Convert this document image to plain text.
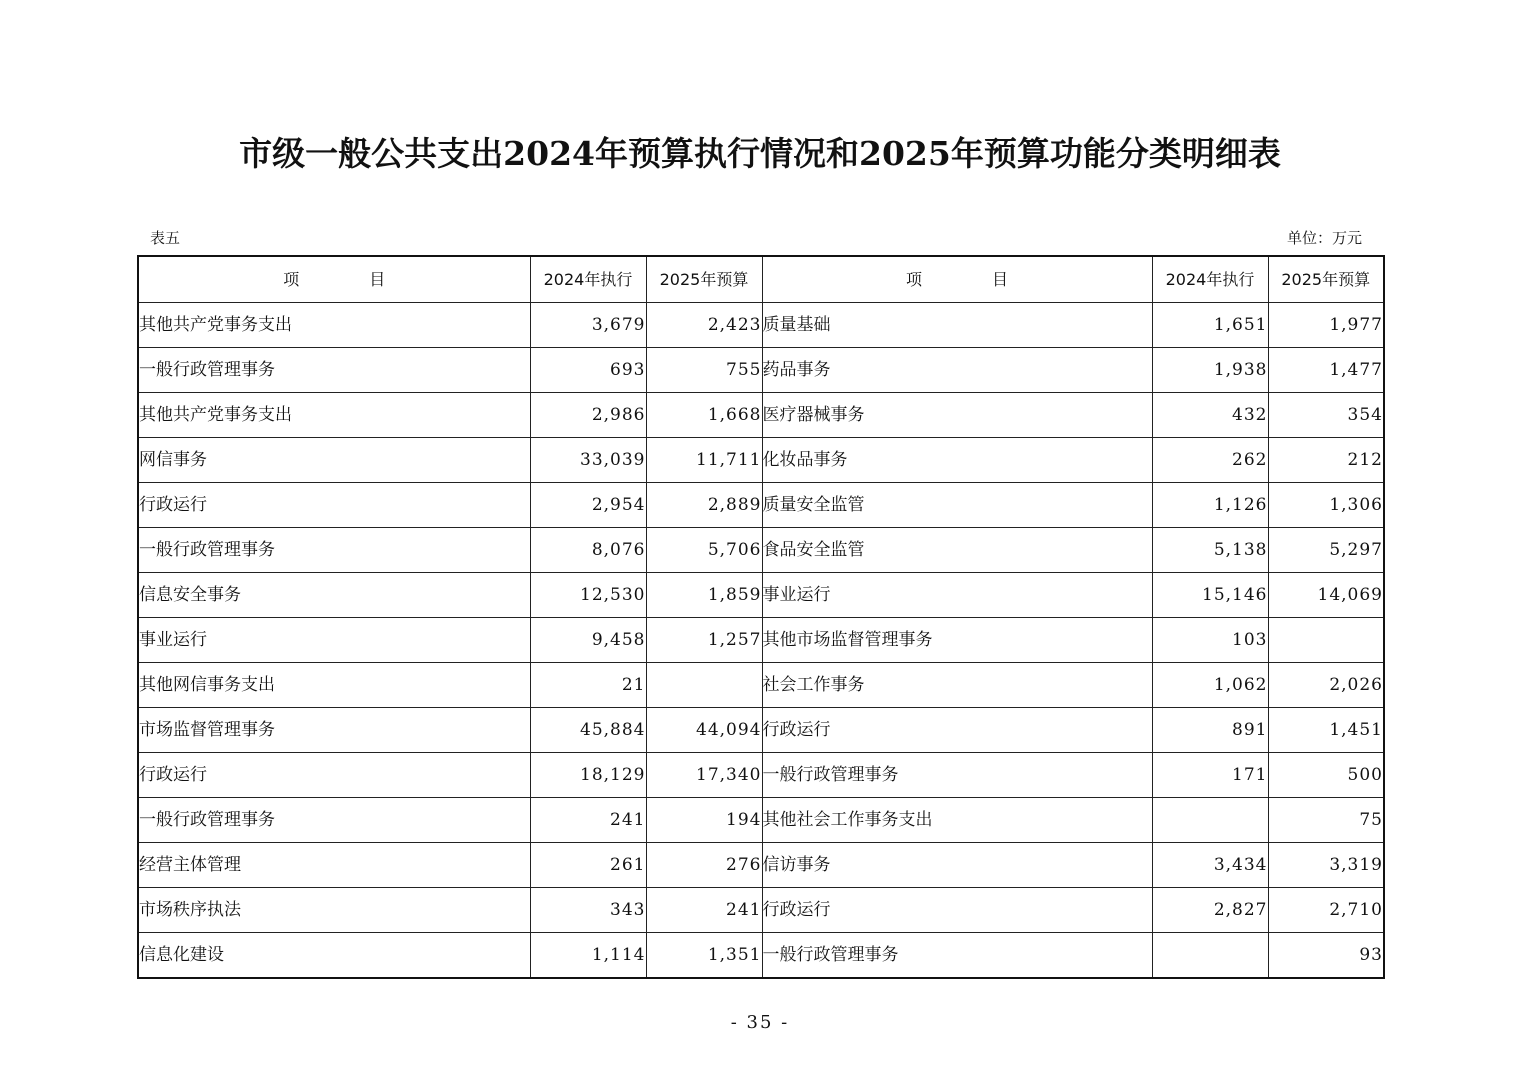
市级一般公共支出2024年预算执行情况和2025年预算功能分类明细表
表五	单位：万元
项 目	2024年执行	2025年预算	项 目	2024年执行	2025年预算
其他共产党事务支出	3,679	2,423	质量基础	1,651	1,977
一般行政管理事务	693	755	药品事务	1,938	1,477
其他共产党事务支出	2,986	1,668	医疗器械事务	432	354
网信事务	33,039	11,711	化妆品事务	262	212
行政运行	2,954	2,889	质量安全监管	1,126	1,306
一般行政管理事务	8,076	5,706	食品安全监管	5,138	5,297
信息安全事务	12,530	1,859	事业运行	15,146	14,069
事业运行	9,458	1,257	其他市场监督管理事务	103	
其他网信事务支出	21		社会工作事务	1,062	2,026
市场监督管理事务	45,884	44,094	行政运行	891	1,451
行政运行	18,129	17,340	一般行政管理事务	171	500
一般行政管理事务	241	194	其他社会工作事务支出		75
经营主体管理	261	276	信访事务	3,434	3,319
市场秩序执法	343	241	行政运行	2,827	2,710
信息化建设	1,114	1,351	一般行政管理事务		93
- 35 -
